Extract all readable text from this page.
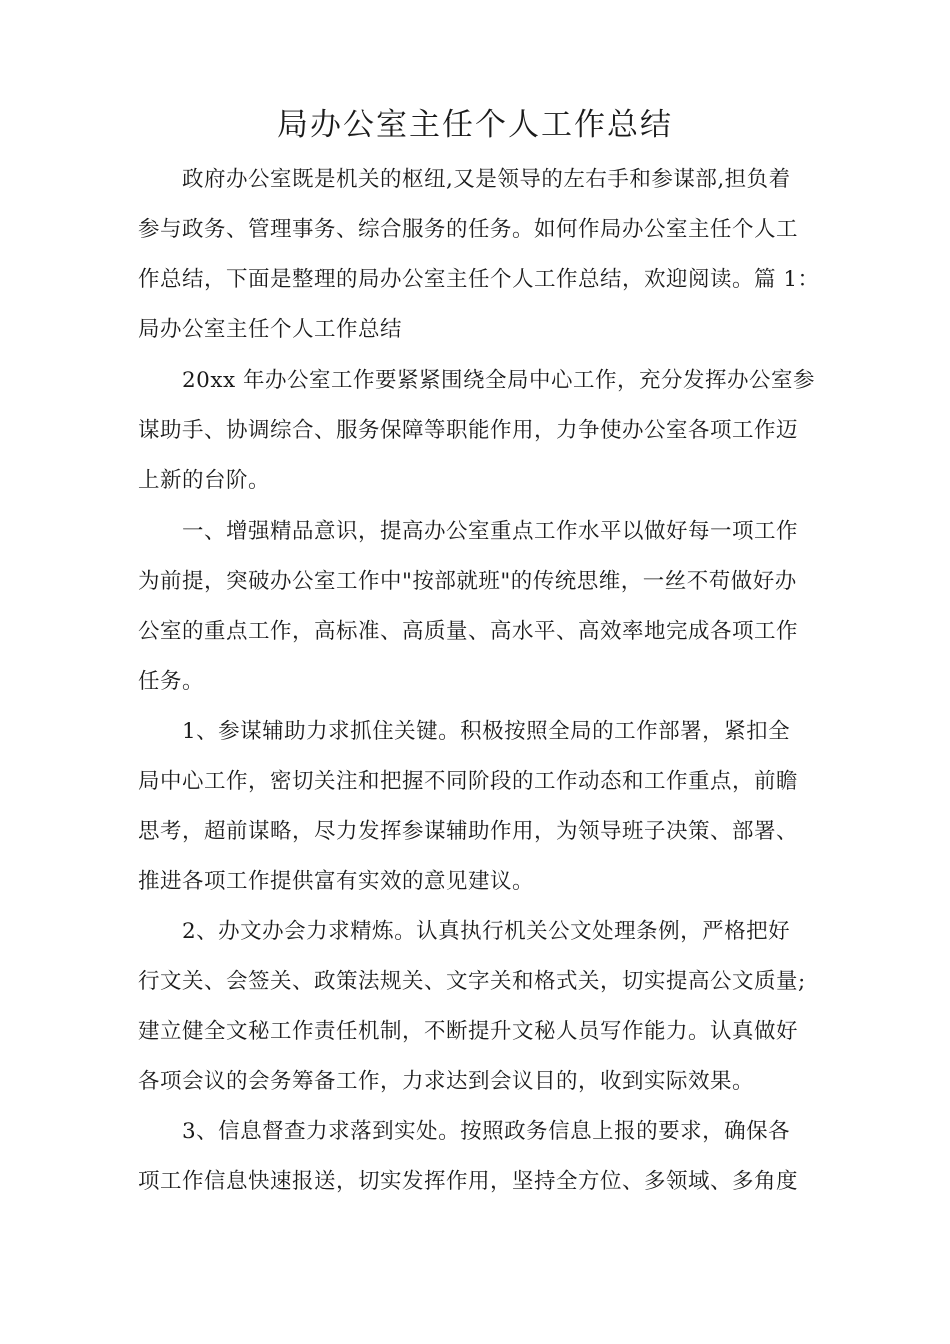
局办公室主任个人工作总结
政府办公室既是机关的枢纽,又是领导的左右手和参谋部,担负着
参与政务、管理事务、综合服务的任务。如何作局办公室主任个人工
作总结，下面是整理的局办公室主任个人工作总结，欢迎阅读。篇 1：
局办公室主任个人工作总结
20xx 年办公室工作要紧紧围绕全局中心工作，充分发挥办公室参
谋助手、协调综合、服务保障等职能作用，力争使办公室各项工作迈
上新的台阶。
一、增强精品意识，提高办公室重点工作水平以做好每一项工作
为前提，突破办公室工作中"按部就班"的传统思维，一丝不苟做好办
公室的重点工作，高标准、高质量、高水平、高效率地完成各项工作
任务。
1、参谋辅助力求抓住关键。积极按照全局的工作部署，紧扣全
局中心工作，密切关注和把握不同阶段的工作动态和工作重点，前瞻
思考，超前谋略，尽力发挥参谋辅助作用，为领导班子决策、部署、
推进各项工作提供富有实效的意见建议。
2、办文办会力求精炼。认真执行机关公文处理条例，严格把好
行文关、会签关、政策法规关、文字关和格式关，切实提高公文质量;
建立健全文秘工作责任机制，不断提升文秘人员写作能力。认真做好
各项会议的会务筹备工作，力求达到会议目的，收到实际效果。
3、信息督查力求落到实处。按照政务信息上报的要求，确保各
项工作信息快速报送，切实发挥作用，坚持全方位、多领域、多角度
